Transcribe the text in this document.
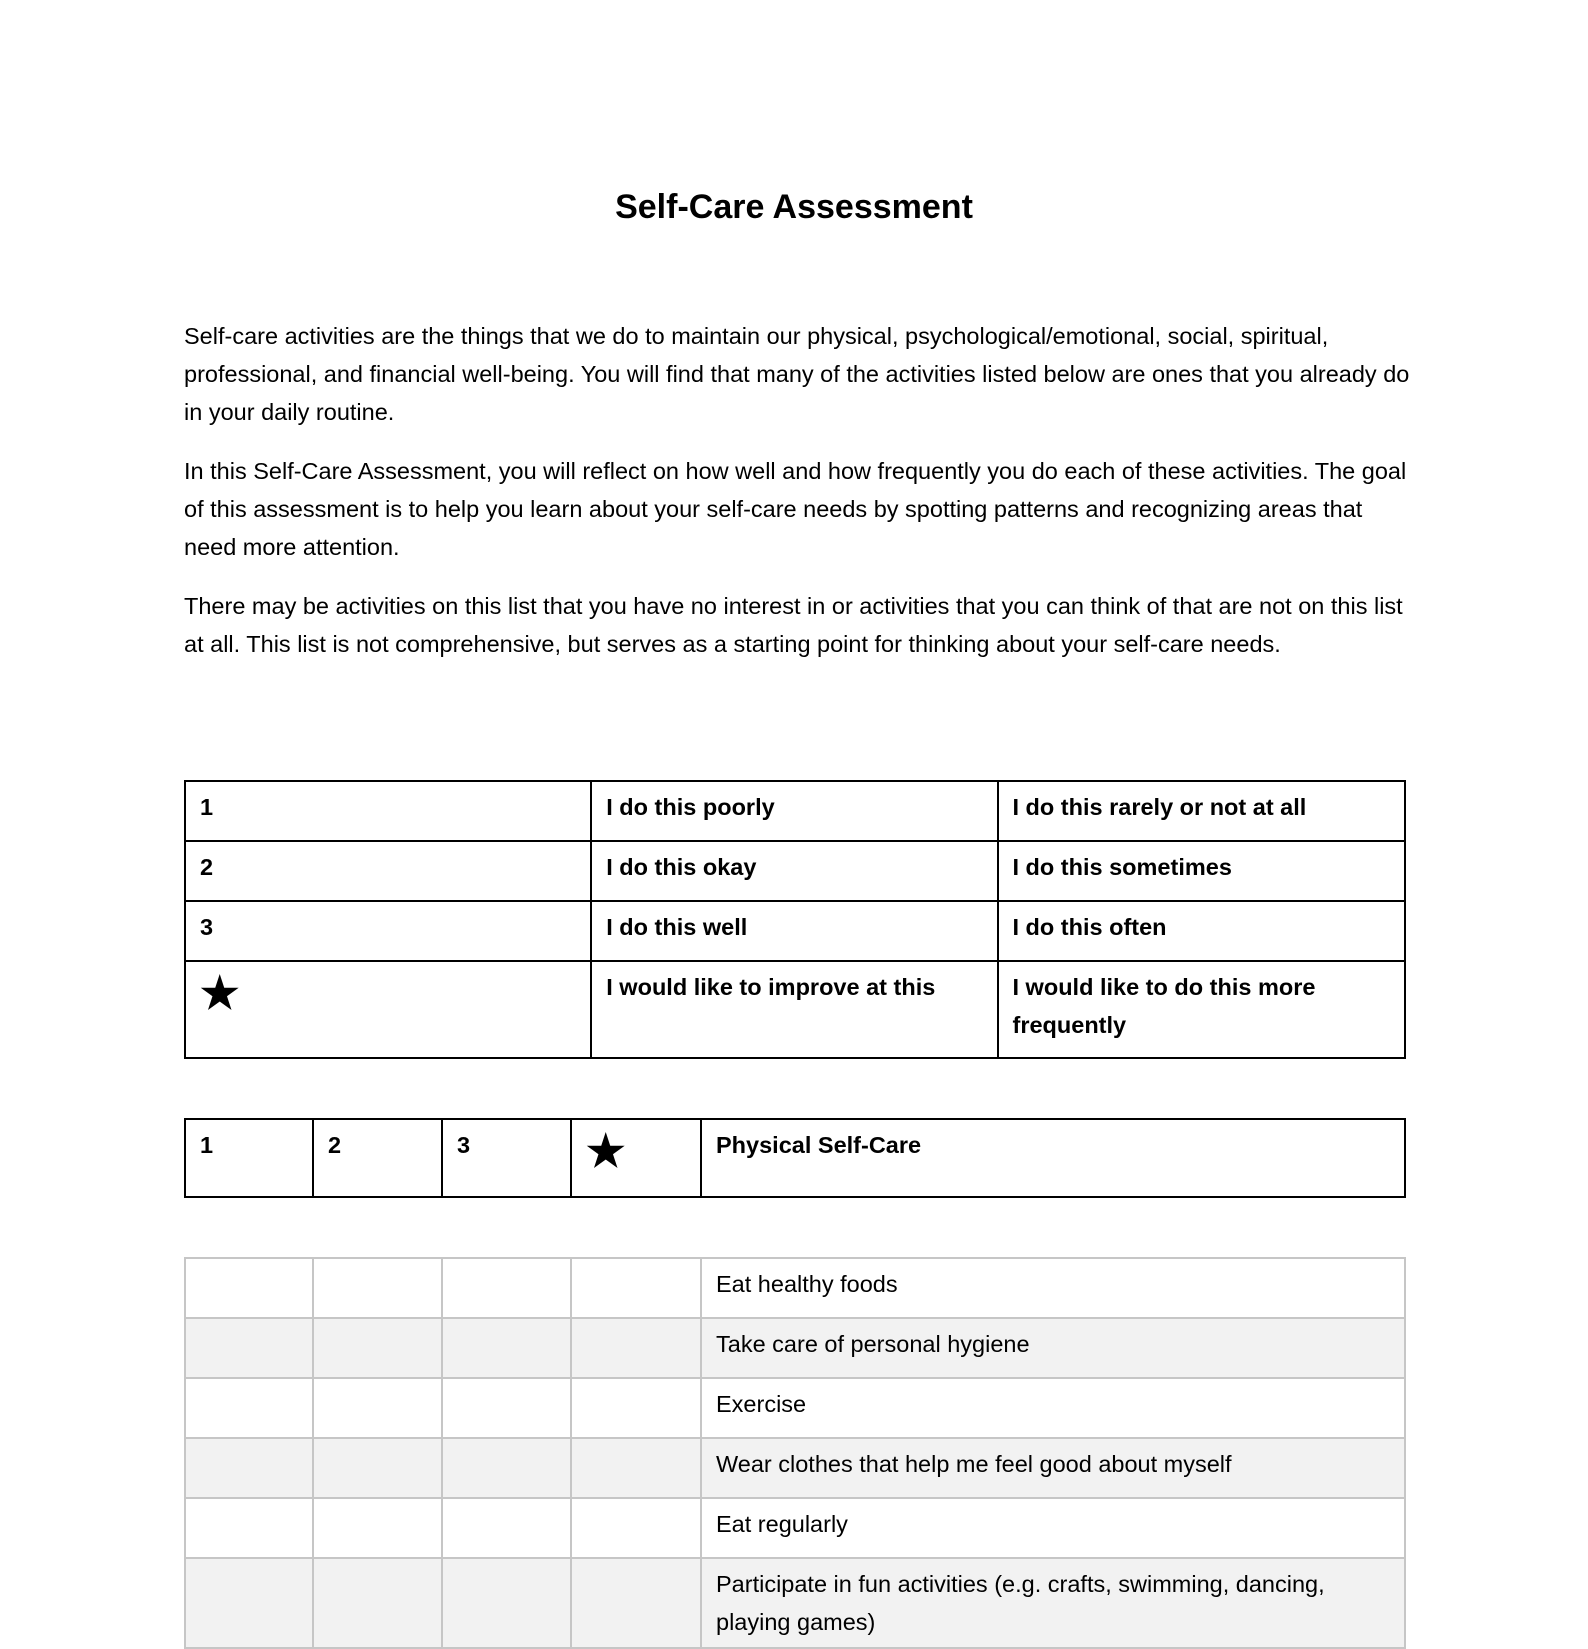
Self-Care Assessment

Self-care activities are the things that we do to maintain our physical, psychological/emotional, social, spiritual, professional, and financial well-being. You will find that many of the activities listed below are ones that you already do in your daily routine.

In this Self-Care Assessment, you will reflect on how well and how frequently you do each of these activities. The goal of this assessment is to help you learn about your self-care needs by spotting patterns and recognizing areas that need more attention.

There may be activities on this list that you have no interest in or activities that you can think of that are not on this list at all. This list is not comprehensive, but serves as a starting point for thinking about your self-care needs.

1	I do this poorly	I do this rarely or not at all
2	I do this okay	I do this sometimes
3	I do this well	I do this often
★	I would like to improve at this	I would like to do this more frequently
1	2	3	★	Physical Self-Care
				Eat healthy foods
				Take care of personal hygiene
				Exercise
				Wear clothes that help me feel good about myself
				Eat regularly
				Participate in fun activities (e.g. crafts, swimming, dancing, playing games)
